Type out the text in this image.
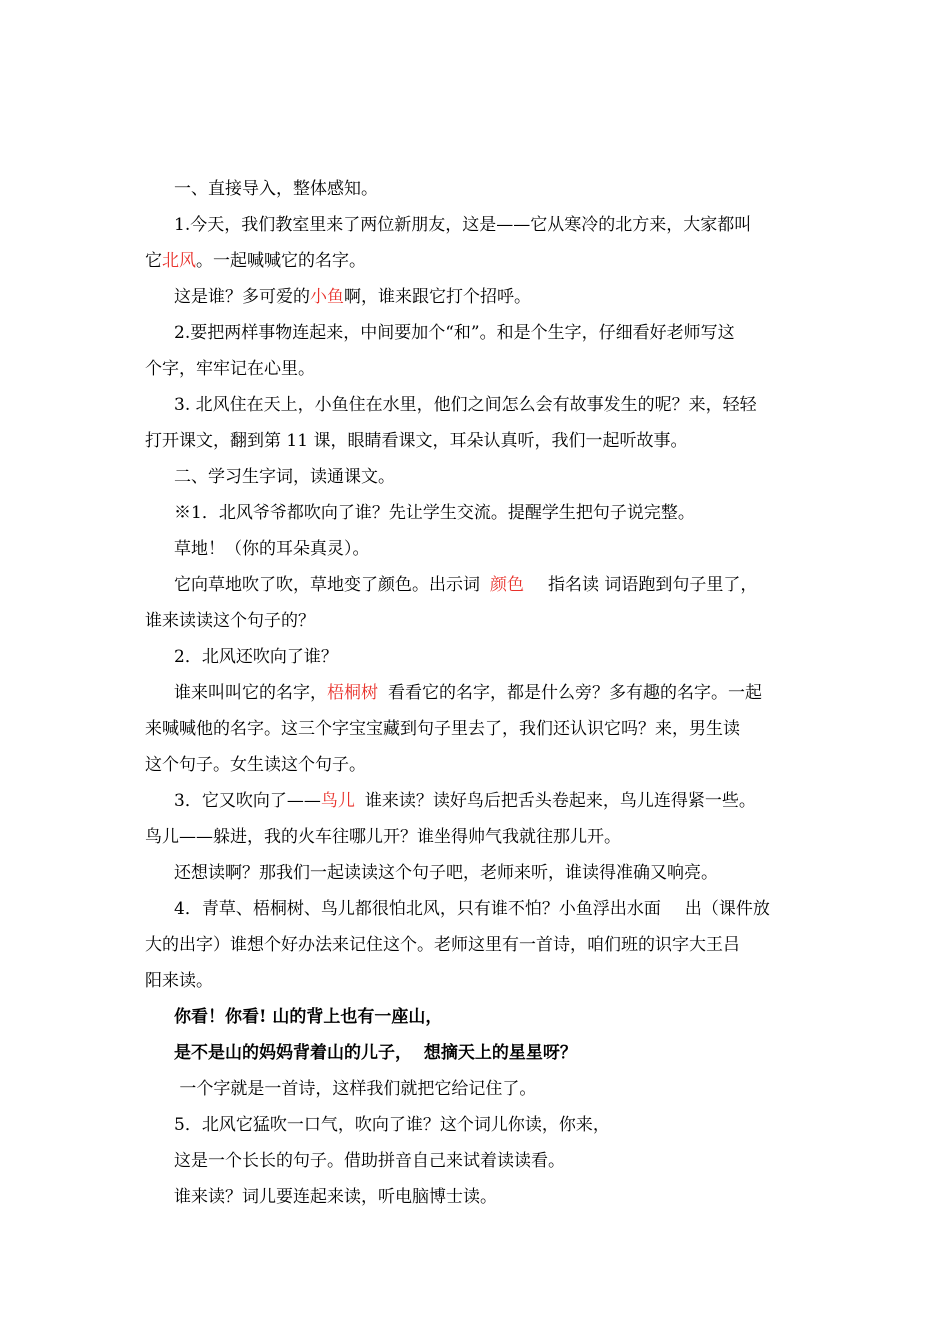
一、直接导入，整体感知。

1.今天，我们教室里来了两位新朋友，这是——它从寒冷的北方来，大家都叫

它北风。一起喊喊它的名字。

这是谁？多可爱的小鱼啊，谁来跟它打个招呼。

2.要把两样事物连起来，中间要加个“和”。和是个生字，仔细看好老师写这

个字，牢牢记在心里。

3. 北风住在天上，小鱼住在水里，他们之间怎么会有故事发生的呢？来，轻轻

打开课文，翻到第 11 课，眼睛看课文，耳朵认真听，我们一起听故事。

二、学习生字词，读通课文。

※1．北风爷爷都吹向了谁？先让学生交流。提醒学生把句子说完整。

草地！（你的耳朵真灵）。

它向草地吹了吹，草地变了颜色。出示词 颜色 指名读 词语跑到句子里了，

谁来读读这个句子的？

2．北风还吹向了谁？

谁来叫叫它的名字，梧桐树 看看它的名字，都是什么旁？多有趣的名字。一起

来喊喊他的名字。这三个字宝宝藏到句子里去了，我们还认识它吗？来，男生读

这个句子。女生读这个句子。

3．它又吹向了——鸟儿 谁来读？读好鸟后把舌头卷起来，鸟儿连得紧一些。

鸟儿——躲进，我的火车往哪儿开？谁坐得帅气我就往那儿开。

还想读啊？那我们一起读读这个句子吧，老师来听，谁读得准确又响亮。

4．青草、梧桐树、鸟儿都很怕北风，只有谁不怕？小鱼浮出水面 出（课件放

大的出字）谁想个好办法来记住这个。老师这里有一首诗，咱们班的识字大王吕

阳来读。

你看！你看! 山的背上也有一座山，

是不是山的妈妈背着山的儿子，  想摘天上的星星呀？

一个字就是一首诗，这样我们就把它给记住了。

5．北风它猛吹一口气，吹向了谁？这个词儿你读，你来，

这是一个长长的句子。借助拼音自己来试着读读看。

谁来读？词儿要连起来读，听电脑博士读。
